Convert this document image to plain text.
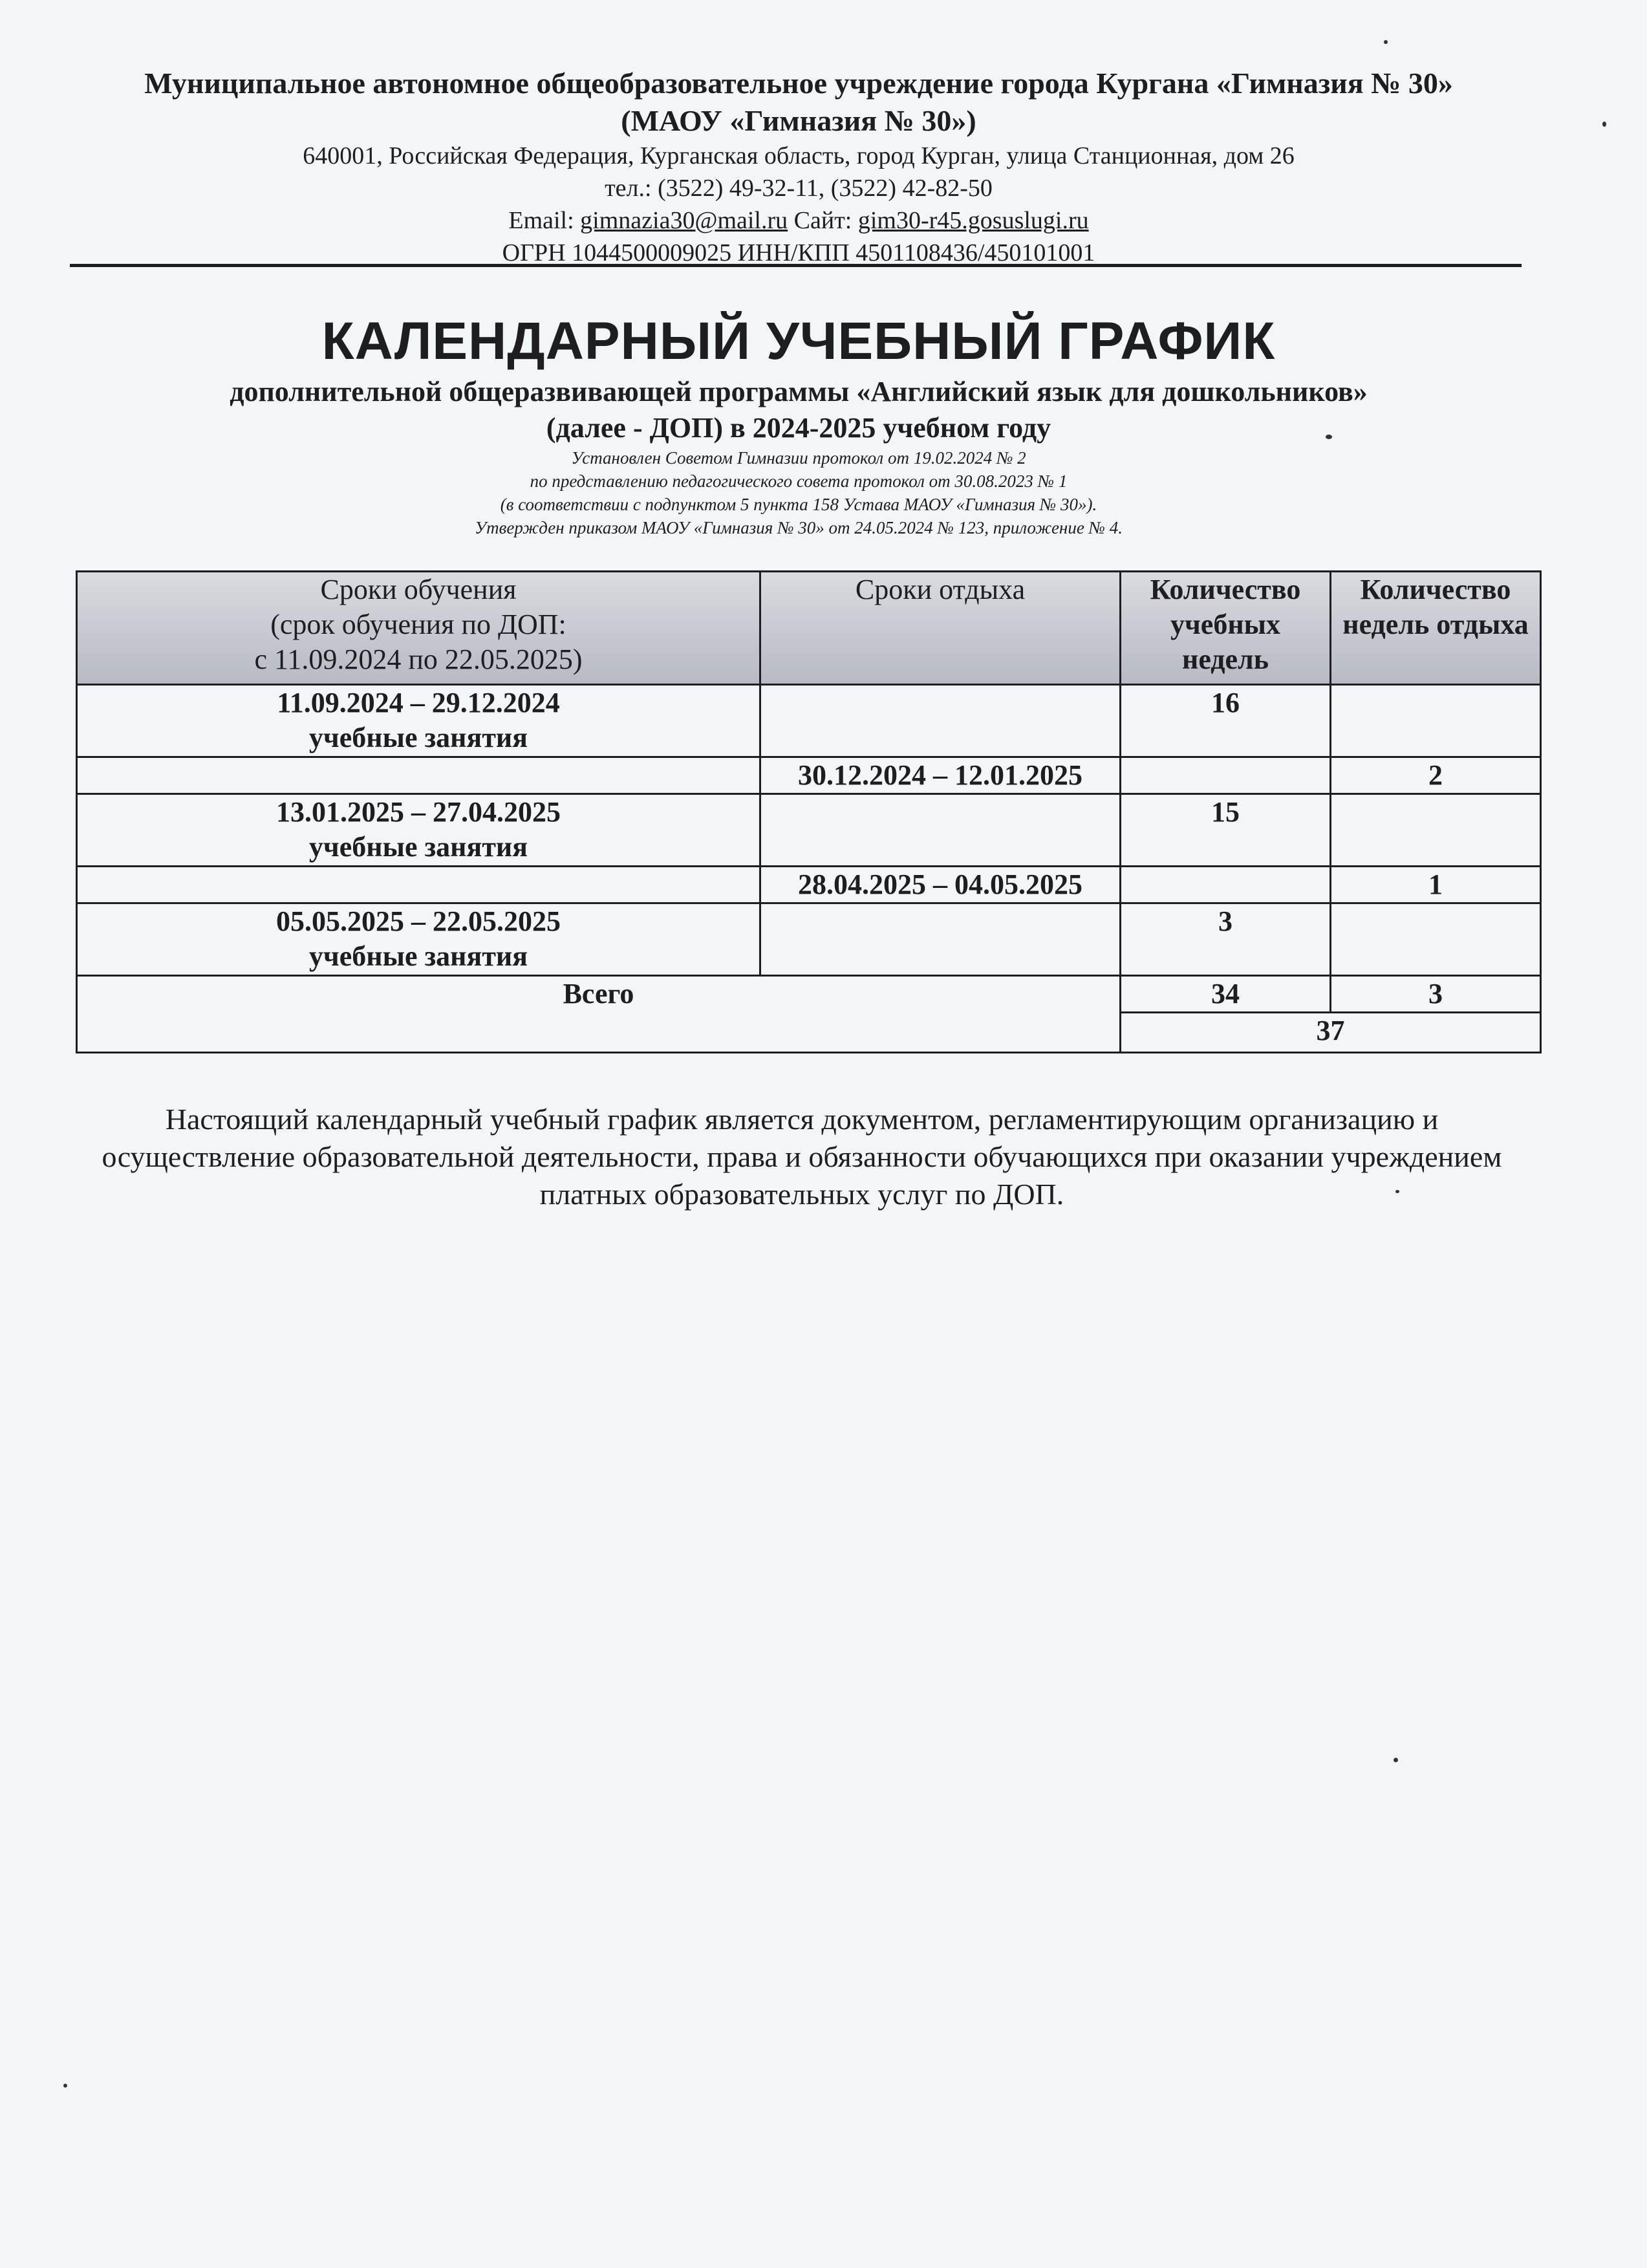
Муниципальное автономное общеобразовательное учреждение города Кургана «Гимназия № 30»
(МАОУ «Гимназия № 30»)
640001, Российская Федерация, Курганская область, город Курган, улица Станционная, дом 26
тел.: (3522) 49-32-11, (3522) 42-82-50
Email: gimnazia30@mail.ru Сайт: gim30-r45.gosuslugi.ru
ОГРН 1044500009025 ИНН/КПП 4501108436/450101001
КАЛЕНДАРНЫЙ УЧЕБНЫЙ ГРАФИК
дополнительной общеразвивающей программы «Английский язык для дошкольников»
(далее - ДОП) в 2024-2025 учебном году
Установлен Советом Гимназии протокол от 19.02.2024 № 2
по представлению педагогического совета протокол от 30.08.2023 № 1
(в соответствии с подпунктом 5 пункта 158 Устава МАОУ «Гимназия № 30»).
Утвержден приказом МАОУ «Гимназия № 30» от 24.05.2024 № 123, приложение № 4.
Сроки обучения
(срок обучения по ДОП:
с 11.09.2024 по 22.05.2025)	Сроки отдыха	Количество учебных недель	Количество недель отдыха

11.09.2024 – 29.12.2024
учебные занятия		16	
	30.12.2024 – 12.01.2025		2

13.01.2025 – 27.04.2025
учебные занятия		15	
	28.04.2025 – 04.05.2025		1

05.05.2025 – 22.05.2025
учебные занятия		3	
Всего		34	3
		37	
Настоящий календарный учебный график является документом, регламентирующим организацию и осуществление образовательной деятельности, права и обязанности обучающихся при оказании учреждением платных образовательных услуг по ДОП.
